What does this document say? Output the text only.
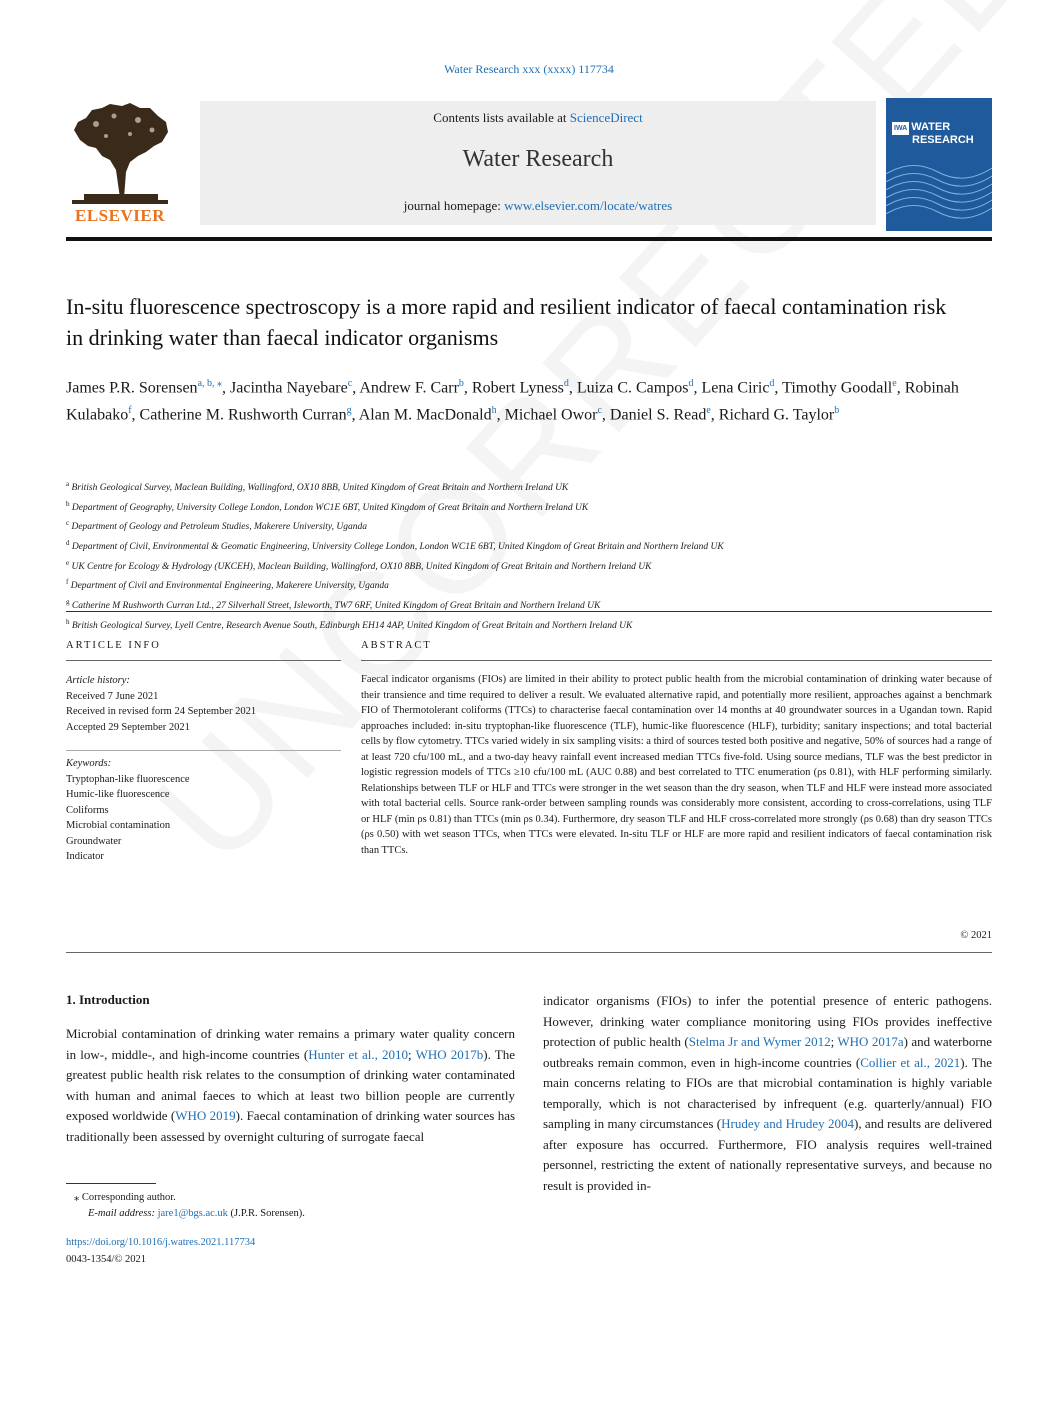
Water Research xxx (xxxx) 117734
ELSEVIER
Contents lists available at ScienceDirect
Water Research
journal homepage: www.elsevier.com/locate/watres
IWA WATER
RESEARCH
In-situ fluorescence spectroscopy is a more rapid and resilient indicator of faecal contamination risk in drinking water than faecal indicator organisms
James P.R. Sorensen$^{a, b, ⁎}$, Jacintha Nayebare$^c$, Andrew F. Carr$^b$, Robert Lyness$^d$, Luiza C. Campos$^d$, Lena Ciric$^d$, Timothy Goodall$^e$, Robinah Kulabako$^f$, Catherine M. Rushworth Curran$^g$, Alan M. MacDonald$^h$, Michael Owor$^c$, Daniel S. Read$^e$, Richard G. Taylor$^b$
$^a$ British Geological Survey, Maclean Building, Wallingford, OX10 8BB, United Kingdom of Great Britain and Northern Ireland UK
$^b$ Department of Geography, University College London, London WC1E 6BT, United Kingdom of Great Britain and Northern Ireland UK
$^c$ Department of Geology and Petroleum Studies, Makerere University, Uganda
$^d$ Department of Civil, Environmental & Geomatic Engineering, University College London, London WC1E 6BT, United Kingdom of Great Britain and Northern Ireland UK
$^e$ UK Centre for Ecology & Hydrology (UKCEH), Maclean Building, Wallingford, OX10 8BB, United Kingdom of Great Britain and Northern Ireland UK
$^f$ Department of Civil and Environmental Engineering, Makerere University, Uganda
$^g$ Catherine M Rushworth Curran Ltd., 27 Silverhall Street, Isleworth, TW7 6RF, United Kingdom of Great Britain and Northern Ireland UK
$^h$ British Geological Survey, Lyell Centre, Research Avenue South, Edinburgh EH14 4AP, United Kingdom of Great Britain and Northern Ireland UK
ARTICLE INFO	ABSTRACT
Article history:
Received 7 June 2021
Received in revised form 24 September 2021
Accepted 29 September 2021
Keywords:
Tryptophan-like fluorescence
Humic-like fluorescence
Coliforms
Microbial contamination
Groundwater
Indicator
Faecal indicator organisms (FIOs) are limited in their ability to protect public health from the microbial contamination of drinking water because of their transience and time required to deliver a result. We evaluated alternative rapid, and potentially more resilient, approaches against a benchmark FIO of Thermotolerant coliforms (TTCs) to characterise faecal contamination over 14 months at 40 groundwater sources in a Ugandan town. Rapid approaches included: in-situ tryptophan-like fluorescence (TLF), humic-like fluorescence (HLF), turbidity; sanitary inspections; and total bacterial cells by flow cytometry. TTCs varied widely in six sampling visits: a third of sources tested both positive and negative, 50% of sources had a range of at least 720 cfu/100 mL, and a two-day heavy rainfall event increased median TTCs five-fold. Using source medians, TLF was the best predictor in logistic regression models of TTCs ≥10 cfu/100 mL (AUC 0.88) and best correlated to TTC enumeration (ρs 0.81), with HLF performing similarly. Relationships between TLF or HLF and TTCs were stronger in the wet season than the dry season, when TLF and HLF were instead more associated with total bacterial cells. Source rank-order between sampling rounds was considerably more consistent, according to cross-correlations, using TLF or HLF (min ρs 0.81) than TTCs (min ρs 0.34). Furthermore, dry season TLF and HLF cross-correlated more strongly (ρs 0.68) than dry season TTCs (ρs 0.50) with wet season TTCs, when TTCs were elevated. In-situ TLF or HLF are more rapid and resilient indicators of faecal contamination risk than TTCs.
© 2021
1. Introduction
Microbial contamination of drinking water remains a primary water quality concern in low-, middle-, and high-income countries (Hunter et al., 2010; WHO 2017b). The greatest public health risk relates to the consumption of drinking water contaminated with human and animal faeces to which at least two billion people are currently exposed worldwide (WHO 2019). Faecal contamination of drinking water sources has traditionally been assessed by overnight culturing of surrogate faecal
indicator organisms (FIOs) to infer the potential presence of enteric pathogens. However, drinking water compliance monitoring using FIOs provides ineffective protection of public health (Stelma Jr and Wymer 2012; WHO 2017a) and waterborne outbreaks remain common, even in high-income countries (Collier et al., 2021). The main concerns relating to FIOs are that microbial contamination is highly variable temporally, which is not characterised by infrequent (e.g. quarterly/annual) FIO sampling in many circumstances (Hrudey and Hrudey 2004), and results are delivered after exposure has occurred. Furthermore, FIO analysis requires well-trained personnel, restricting the extent of nationally representative surveys, and because no result is provided in-
⁎ Corresponding author.
E-mail address: jare1@bgs.ac.uk (J.P.R. Sorensen).
https://doi.org/10.1016/j.watres.2021.117734
0043-1354/© 2021
